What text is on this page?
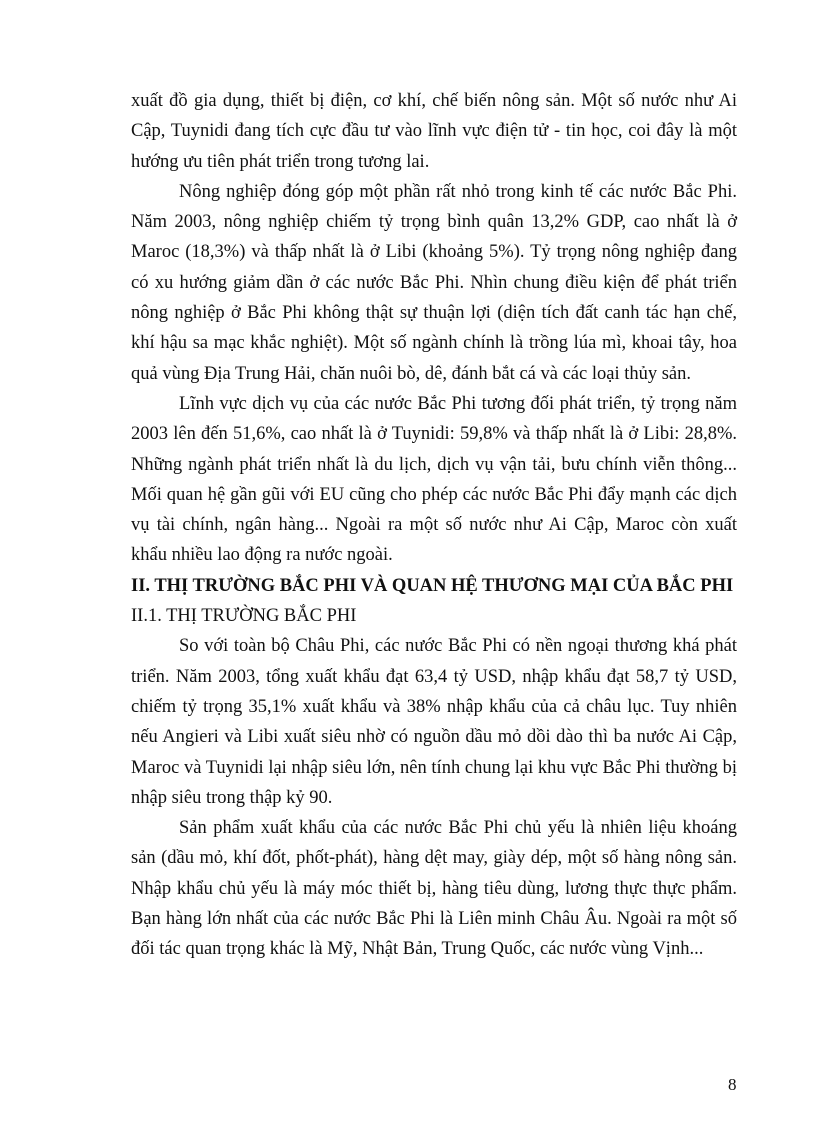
xuất đồ gia dụng, thiết bị điện, cơ khí, chế biến nông sản. Một số nước như Ai Cập, Tuynidi đang tích cực đầu tư vào lĩnh vực điện tử - tin học, coi đây là một hướng ưu tiên phát triển trong tương lai.

Nông nghiệp đóng góp một phần rất nhỏ trong kinh tế các nước Bắc Phi. Năm 2003, nông nghiệp chiếm tỷ trọng bình quân 13,2% GDP, cao nhất là ở Maroc (18,3%) và thấp nhất là ở Libi (khoảng 5%). Tỷ trọng nông nghiệp đang có xu hướng giảm dần ở các nước Bắc Phi. Nhìn chung điều kiện để phát triển nông nghiệp ở Bắc Phi không thật sự thuận lợi (diện tích đất canh tác hạn chế, khí hậu sa mạc khắc nghiệt). Một số ngành chính là trồng lúa mì, khoai tây, hoa quả vùng Địa Trung Hải, chăn nuôi bò, dê, đánh bắt cá và các loại thủy sản.

Lĩnh vực dịch vụ của các nước Bắc Phi tương đối phát triển, tỷ trọng năm 2003 lên đến 51,6%, cao nhất là ở Tuynidi: 59,8% và thấp nhất là ở Libi: 28,8%. Những ngành phát triển nhất là du lịch, dịch vụ vận tải, bưu chính viễn thông... Mối quan hệ gần gũi với EU cũng cho phép các nước Bắc Phi đẩy mạnh các dịch vụ tài chính, ngân hàng... Ngoài ra một số nước như Ai Cập, Maroc còn xuất khẩu nhiều lao động ra nước ngoài.

II. THỊ TRƯỜNG BẮC PHI VÀ QUAN HỆ THƯƠNG MẠI CỦA BẮC PHI

II.1. THỊ TRƯỜNG BẮC PHI

So với toàn bộ Châu Phi, các nước Bắc Phi có nền ngoại thương khá phát triển. Năm 2003, tổng xuất khẩu đạt 63,4 tỷ USD, nhập khẩu đạt 58,7 tỷ USD, chiếm tỷ trọng 35,1% xuất khẩu và 38% nhập khẩu của cả châu lục. Tuy nhiên nếu Angieri và Libi xuất siêu nhờ có nguồn dầu mỏ dồi dào thì ba nước Ai Cập, Maroc và Tuynidi lại nhập siêu lớn, nên tính chung lại khu vực Bắc Phi thường bị nhập siêu trong thập kỷ 90.

Sản phẩm xuất khẩu của các nước Bắc Phi chủ yếu là nhiên liệu khoáng sản (dầu mỏ, khí đốt, phốt-phát), hàng dệt may, giày dép, một số hàng nông sản. Nhập khẩu chủ yếu là máy móc thiết bị, hàng tiêu dùng, lương thực thực phẩm. Bạn hàng lớn nhất của các nước Bắc Phi là Liên minh Châu Âu. Ngoài ra một số đối tác quan trọng khác là Mỹ, Nhật Bản, Trung Quốc, các nước vùng Vịnh...

8
